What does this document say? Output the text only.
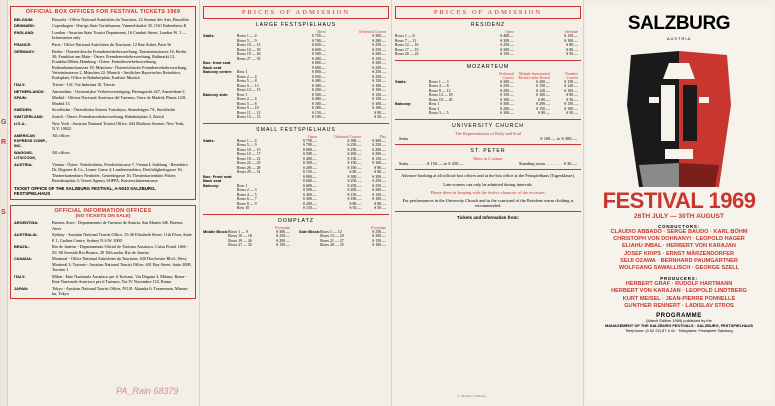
G
R
S
OFFICIAL BOX OFFICES FOR FESTIVAL TICKETS 1969
BELGIUM:	Brussels - Office National Autrichien du Tourisme, 22 Avenue des Arts, Bruxelles
DENMARK:	Copenhagen - Østrigs Stats Turistbureau, Vimmelskaftet 35, 1161 København K
ENGLAND:	London - Austrian State Tourist Department, 16 Conduit Street, London W. 1 — Information only
FRANCE:	Paris - Office National Autrichien du Tourisme, 12 Rue Auber, Paris 9e
GERMANY:	Berlin - Österreichische Fremdenverkehrswerbung, Tauentzienstrasse 16, Berlin 30; Frankfurt am Main - Österr. Fremdenverkehrswerbung, Roßmarkt 12, Frankfurt/Main; Hamburg - Österr. Fremdenverkehrswerbung, Rothenbaumchaussee 19; München - Österreichische Fremdenverkehrswerbung, Veterinärstrasse 2, München 22; Munich - Amtliches Bayerisches Reisebüro, Karlsplatz, Office in Bahnhofplatz, Karlstor Munich
ITALY:	Trieste - Uff. Via Imbriani 10, Trieste
NETHERLANDS:	Amsterdam - Oostenrijkse Verkeersvereniging, Herengracht 427, Amsterdam-C
SPAIN:	Madrid - Oficina Nacional Austriaca del Turismo, Torre de Madrid, Planta 12/8, Madrid 13
SWEDEN:	Stockholm - Österrikiska Statens Turistbyra, Strandvägen 7A, Stockholm
SWITZERLAND:	Zurich - Österr. Fremdenverkehrswerbung, Bahnhofplatz 3, Zürich
U.S.A.:	New York - Austrian National Tourist Office, 444 Madison Avenue, New York, N.Y. 10022
AMERICAN EXPRESS COMP., INC.
All offices
WAGONS-LITS/COOK,
All offices
AUSTRIA:	Vienna - Österr. Verkehrsbüro, Friedrichstrasse 7, Vienna I; Salzburg - Reisebüro Dr. Degener & Co., Linzer Gasse 4; Landesreisebüro, Dreifaltigkeitsgasse 16; Theaterkartenbüro Neuhofer, Getreidegasse 16; Theaterkartenbüro Polzer, Residenzplatz 3; Travel Agency SOPPA, Kaiserschützenstrasse
TICKET OFFICE OF THE SALZBURG FESTIVAL, A-5010 SALZBURG, FESTSPIELHAUS
OFFICIAL INFORMATION OFFICES
(NO TICKETS ON SALE)
ARGENTINA:	Buenos Aires - Departamento de Turismo de Austria, San Martin 346, Buenos Aires
AUSTRALIA:	Sydney - Austrian National Tourist Office, 35-40 Elizabeth Street, 11th Floor, Suite E 1, Carlton Centre, Sydney N.S.W. 2000
BRAZIL:	Rio de Janeiro - Departamento Oficial de Turismo Austriaco, Caixa Postal 1466 - ZC-00 Avenida Rio Branco, 20 10th andar, Rio de Janeiro
CANADA:	Montreal - Office National Autrichien du Tourisme, 630 Dorchester Blvd., West, Montreal 2; Toronto - Austrian National Tourist Office, 401 Bay Street, Suite 2008, Toronto 1
ITALY:	Milan - Ente Nazionale Austriaco per il Turismo, Via Dogana 3, Milano; Rome - Ente Nazionale Austriaco per il Turismo, Via IV Novembre 152, Roma
JAPAN:	Tokyo - Austrian National Tourist Office, P.O.B. Akasaka 6, Toranomon, Minato-ku, Tokyo
PRICES OF ADMISSION
LARGE FESTSPIELHAUS
		Opera	Orchestral Concert
Stalls:	Rows 1 — 4	S 750.—	S 300.—
	Rows 5 — 9	S 700.—	S 280.—
	Rows 10 — 13	S 650.—	S 250.—
	Rows 14 — 18	S 600.—	S 250.—
	Rows 19 — 26	S 500.—	S 200.—
	Rows 27 — 35	S 400.—	S 150.—
Box: front seat		S 800.—	S 300.—
Back seat		S 600.—	S 250.—
Balcony centre:	Row 1	S 800.—	S 250.—
	Rows 2 — 4	S 650.—	S 250.—
	Rows 5 — 8	S 400.—	S 150.—
	Rows 9 — 13	S 300.—	S 100.—
	Rows 14 — 15	S 200.—	S 100.—
Balcony side:	Row 1	S 500.—	S 150.—
	Rows 2 — 4	S 400.—	S 150.—
	Rows 5 — 8	S 300.—	S 100.—
	Rows 9 — 10	S 200.—	S 100.—
	Rows 11 — 12	S 150.—	S 80.—
	Rows 13 — 15	S 100.—	S 50.—
SMALL FESTSPIELHAUS
		Opera	Orchestral Concert	Play
Stalls:	Rows 1 — 4	S 750.—	S 300.—	S 300.—
	Rows 5 — 9	S 700.—	S 250.—	S 250.—
	Rows 10 — 13	S 600.—	S 250.—	S 200.—
	Rows 14 — 17	S 500.—	S 200.—	S 200.—
	Rows 18 — 21	S 400.—	S 150.—	S 150.—
	Rows 22 — 25	S 300.—	S 150.—	S 100.—
	Rows 26 — 28	S 200.—	S 100.—	S 80.—
	Rows 29 — 31	S 150.—	S 80.—	S 80.—
Box: Front seat		S 800.—	S 300.—	S 300.—
Back seat		S 600.—	S 250.—	S 250.—
Balcony:	Row 1	S 600.—	S 250.—	S 250.—
	Rows 2 — 3	S 500.—	S 200.—	S 200.—
	Rows 4 — 5	S 400.—	S 150.—	S 150.—
	Rows 6 — 7	S 300.—	S 100.—	S 100.—
	Rows 8 — 9	S 200.—	S 80.—	S 80.—
	Row 10	S 150.—	S 50.—	S 50.—
DOMPLATZ
		Everyman
Middle Block:	Rows 1 — 9	S 300.—
	Rows 10 — 18	S 250.—
	Rows 19 — 26	S 200.—
	Rows 27 — 35	S 150.—
		Everyman
Side Block:	Rows 1 — 12	S 250.—
	Rows 13 — 20	S 200.—
	Rows 21 — 27	S 150.—
	Rows 28 — 35	S 100.—
PRICES OF ADMISSION
RESIDENZ
	Opera	Serenade
Rows 1 — 6	S 400.—	S 150.—
Rows 7 — 11	S 300.—	S 100.—
Rows 12 — 16	S 250.—	S 80.—
Rows 17 — 19	S 200.—	S 80.—
Rows 20 — 23	S 150.—	S 50.—
MOZARTEUM
		Orchestral Concert	Matinée Instrumental Recital Lieder Recital	Chamber Concert
Stalls:	Rows 1 — 3	S 300.—	S 200.—	S 150.—
	Rows 4 — 8	S 250.—	S 150.—	S 120.—
	Rows 9 — 12	S 200.—	S 120.—	S 100.—
	Rows 13 — 18	S 150.—	S 100.—	S 80.—
	Rows 19 — 20	S 100.—	S 80.—	S 50.—
Balcony:	Row 1	S 300.—	S 200.—	S 150.—
	Row 2	S 200.—	S 150.—	S 100.—
	Rows 3 — 5	S 100.—	S 80.—	S 50.—
UNIVERSITY CHURCH
The Representation of Body and Soul
Seats	S 100.— to S 300.—
ST. PETER
Mass in C minor
Seats . . . . . . . . S 150.— to S 250.—	Standing room . . . . . . . . S 30.—
Advance booking at all official box offices and at the box office at the Festspielhaus (Tagesklasse).
Late-comers can only be admitted during intervals.
Please dress in keeping with the festive character of the occasion.
For performances in the University Church and in the courtyard of the Residenz warm clothing is recommended.
Tickets and Information from:
C. Mölleri, Salzburg
SALZBURG
AUSTRIA
FESTIVAL 1969
26TH JULY — 30TH AUGUST
CONDUCTORS:
CLAUDIO ABBADO · SERGE BAUDO · KARL BÖHM
CHRISTOPH VON DOHNANYI · LEOPOLD HAGER
ELIAHU INBAL · HERBERT VON KARAJAN
JOSEF KRIPS · ERNST MÄRZENDORFER
SEIJI OZAWA · BERNHARD PAUMGARTNER
WOLFGANG SAWALLISCH · GEORGE SZELL
PRODUCERS:
HERBERT GRAF · RUDOLF HARTMANN
HERBERT VON KARAJAN · LEOPOLD LINDTBERG
KURT MEISEL · JEAN-PIERRE PONNELLE
GUNTHER RENNERT · LADISLAV STROS
PROGRAMME
(March Edition 1969) published by the
MANAGEMENT OF THE SALZBURG FESTIVALS · SALZBURG, FESTSPIELHAUS
Telephone: (0 62 22) 87 4 41 · Telegrams: Festspiele Salzburg
PA_Rain 68379
